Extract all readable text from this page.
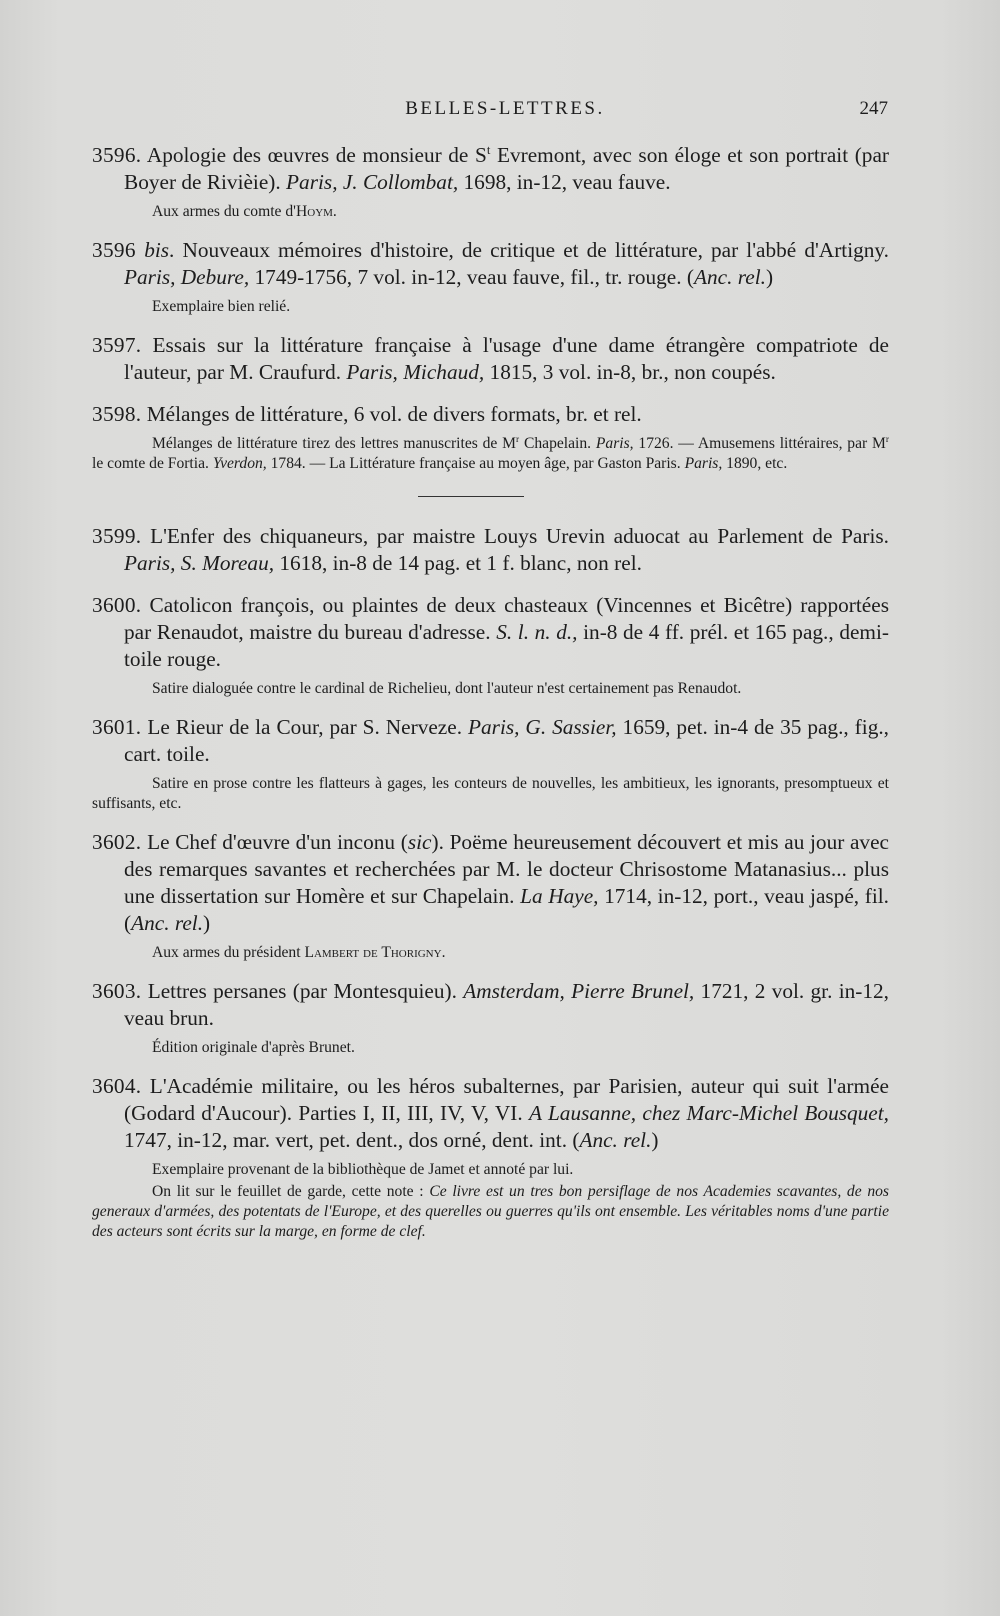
BELLES-LETTRES.	247
3596. Apologie des œuvres de monsieur de $S^t$ Evremont, avec son éloge et son portrait (par Boyer de Rivièie). Paris, J. Collombat, 1698, in-12, veau fauve.
Aux armes du comte d'Hoym.
3596 bis. Nouveaux mémoires d'histoire, de critique et de littérature, par l'abbé d'Artigny. Paris, Debure, 1749-1756, 7 vol. in-12, veau fauve, fil., tr. rouge. (Anc. rel.)
Exemplaire bien relié.
3597. Essais sur la littérature française à l'usage d'une dame étrangère compatriote de l'auteur, par M. Craufurd. Paris, Michaud, 1815, 3 vol. in-8, br., non coupés.
3598. Mélanges de littérature, 6 vol. de divers formats, br. et rel.
Mélanges de littérature tirez des lettres manuscrites de $M^r$ Chapelain. Paris, 1726. — Amusemens littéraires, par $M^r$ le comte de Fortia. Yverdon, 1784. — La Littérature française au moyen âge, par Gaston Paris. Paris, 1890, etc.
3599. L'Enfer des chiquaneurs, par maistre Louys Urevin aduocat au Parlement de Paris. Paris, S. Moreau, 1618, in-8 de 14 pag. et 1 f. blanc, non rel.
3600. Catolicon françois, ou plaintes de deux chasteaux (Vincennes et Bicêtre) rapportées par Renaudot, maistre du bureau d'adresse. S. l. n. d., in-8 de 4 ff. prél. et 165 pag., demi-toile rouge.
Satire dialoguée contre le cardinal de Richelieu, dont l'auteur n'est certainement pas Renaudot.
3601. Le Rieur de la Cour, par S. Nerveze. Paris, G. Sassier, 1659, pet. in-4 de 35 pag., fig., cart. toile.
Satire en prose contre les flatteurs à gages, les conteurs de nouvelles, les ambitieux, les ignorants, presomptueux et suffisants, etc.
3602. Le Chef d'œuvre d'un inconu (sic). Poëme heureusement découvert et mis au jour avec des remarques savantes et recherchées par M. le docteur Chrisostome Matanasius... plus une dissertation sur Homère et sur Chapelain. La Haye, 1714, in-12, port., veau jaspé, fil. (Anc. rel.)
Aux armes du président Lambert de Thorigny.
3603. Lettres persanes (par Montesquieu). Amsterdam, Pierre Brunel, 1721, 2 vol. gr. in-12, veau brun.
Édition originale d'après Brunet.
3604. L'Académie militaire, ou les héros subalternes, par Parisien, auteur qui suit l'armée (Godard d'Aucour). Parties I, II, III, IV, V, VI. A Lausanne, chez Marc-Michel Bousquet, 1747, in-12, mar. vert, pet. dent., dos orné, dent. int. (Anc. rel.)
Exemplaire provenant de la bibliothèque de Jamet et annoté par lui.
On lit sur le feuillet de garde, cette note : Ce livre est un tres bon persiflage de nos Academies scavantes, de nos generaux d'armées, des potentats de l'Europe, et des querelles ou guerres qu'ils ont ensemble. Les véritables noms d'une partie des acteurs sont écrits sur la marge, en forme de clef.
